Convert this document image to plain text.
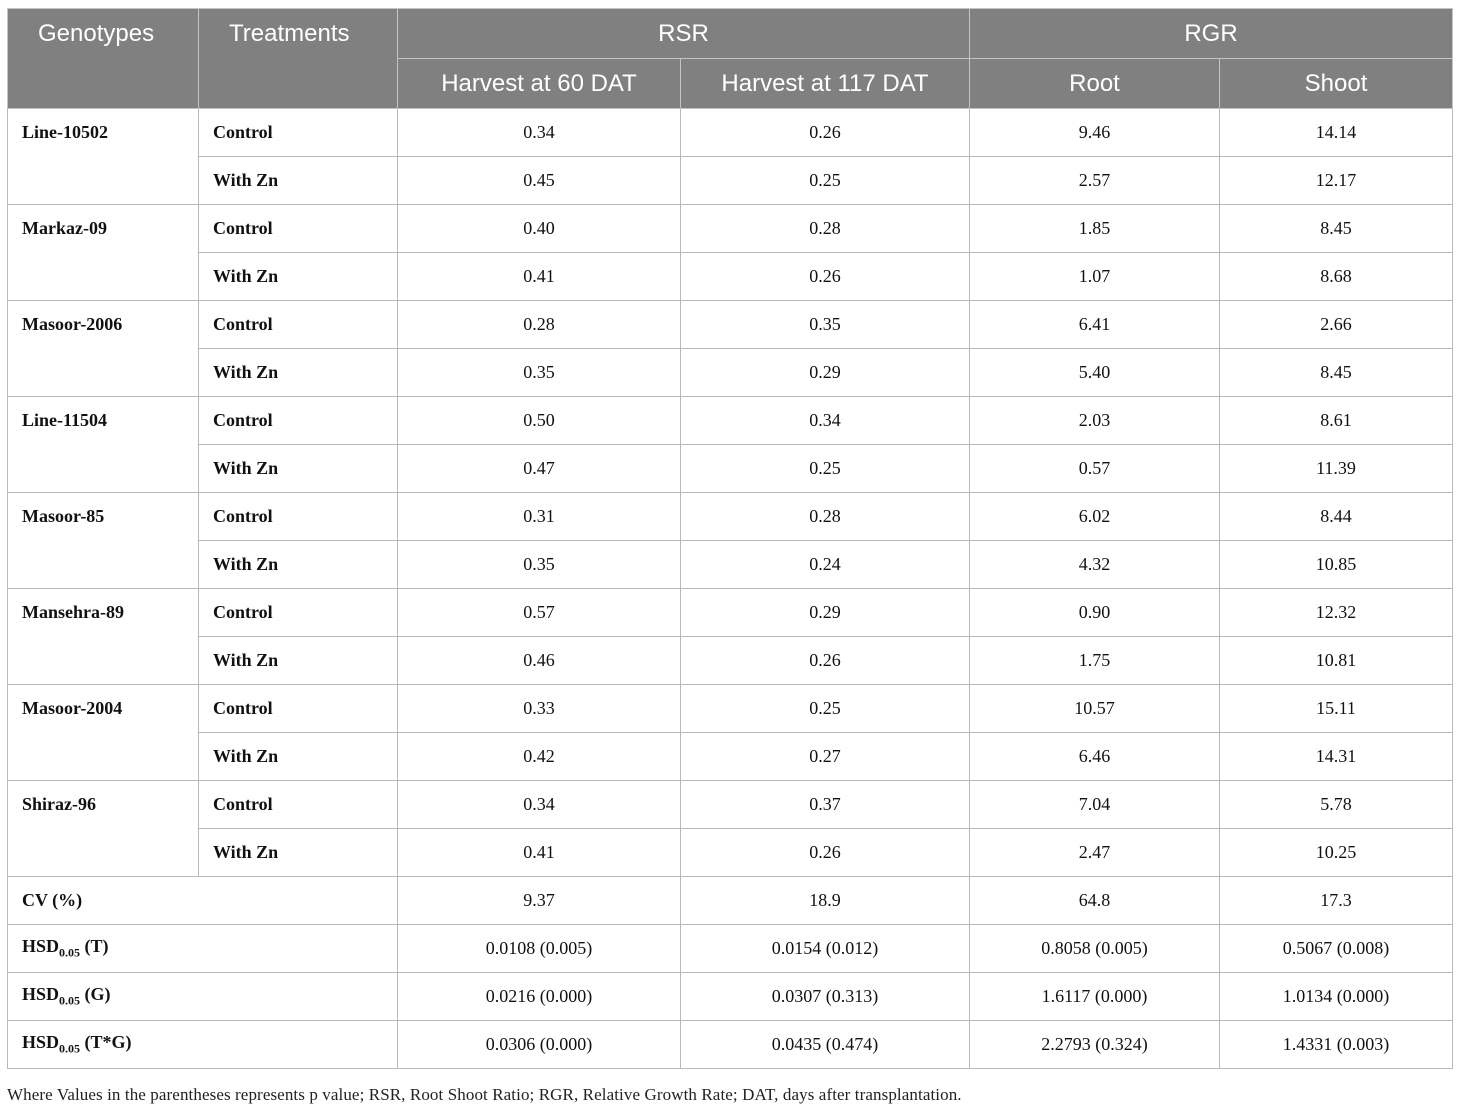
Genotypes	Treatments	RSR		RGR	
		Harvest at 60 DAT	Harvest at 117 DAT	Root	Shoot
Line-10502	Control	0.34	0.26	9.46	14.14
	With Zn	0.45	0.25	2.57	12.17
Markaz-09	Control	0.40	0.28	1.85	8.45
	With Zn	0.41	0.26	1.07	8.68
Masoor-2006	Control	0.28	0.35	6.41	2.66
	With Zn	0.35	0.29	5.40	8.45
Line-11504	Control	0.50	0.34	2.03	8.61
	With Zn	0.47	0.25	0.57	11.39
Masoor-85	Control	0.31	0.28	6.02	8.44
	With Zn	0.35	0.24	4.32	10.85
Mansehra-89	Control	0.57	0.29	0.90	12.32
	With Zn	0.46	0.26	1.75	10.81
Masoor-2004	Control	0.33	0.25	10.57	15.11
	With Zn	0.42	0.27	6.46	14.31
Shiraz-96	Control	0.34	0.37	7.04	5.78
	With Zn	0.41	0.26	2.47	10.25
CV (%)		9.37	18.9	64.8	17.3
$HSD_{0.05}$ (T)		0.0108 (0.005)	0.0154 (0.012)	0.8058 (0.005)	0.5067 (0.008)
$HSD_{0.05}$ (G)		0.0216 (0.000)	0.0307 (0.313)	1.6117 (0.000)	1.0134 (0.000)
$HSD_{0.05}$ (T*G)		0.0306 (0.000)	0.0435 (0.474)	2.2793 (0.324)	1.4331 (0.003)

Where Values in the parentheses represents p value; RSR, Root Shoot Ratio; RGR, Relative Growth Rate; DAT, days after transplantation.
